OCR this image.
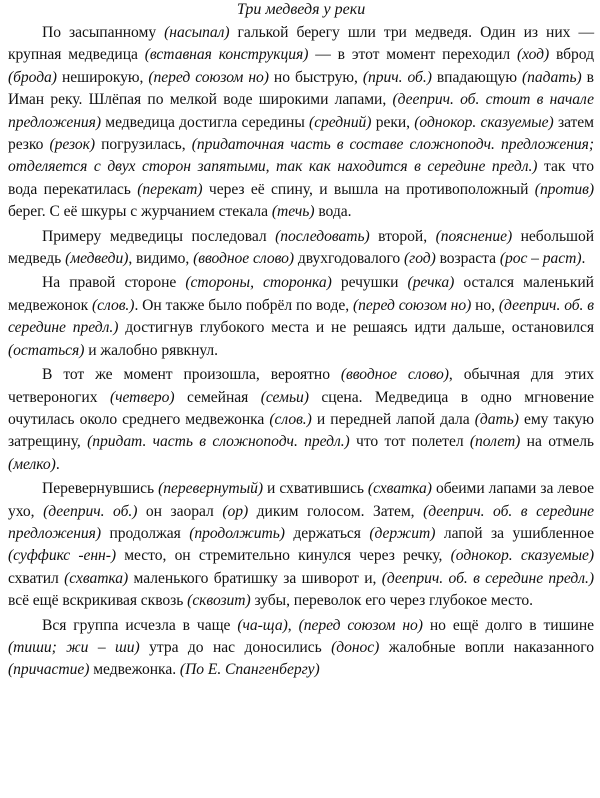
Три медведя у реки

По засыпанному (насыпал) галькой берегу шли три медведя. Один из них — крупная медведица (вставная конструкция) — в этот момент переходил (ход) вброд (брода) неширокую, (перед союзом но) но быструю, (прич. об.) впадающую (падать) в Иман реку. Шлёпая по мелкой воде широкими лапами, (дееприч. об. стоит в начале предложения) медведица достигла середины (средний) реки, (однокор. сказуемые) затем резко (резок) погрузилась, (придаточная часть в составе сложноподч. предложения; отделяется с двух сторон запятыми, так как находится в середине предл.) так что вода перекатилась (перекат) через её спину, и вышла на противоположный (против) берег. С её шкуры с журчанием стекала (течь) вода.

Примеру медведицы последовал (последовать) второй, (пояснение) небольшой медведь (медведи), видимо, (вводное слово) двухгодовалого (год) возраста (рос – раст).

На правой стороне (стороны, сторонка) речушки (речка) остался маленький медвежонок (слов.). Он также было побрёл по воде, (перед союзом но) но, (дееприч. об. в середине предл.) достигнув глубокого места и не решаясь идти дальше, остановился (остаться) и жалобно рявкнул.

В тот же момент произошла, вероятно (вводное слово), обычная для этих четвероногих (четверо) семейная (семьи) сцена. Медведица в одно мгновение очутилась около среднего медвежонка (слов.) и передней лапой дала (дать) ему такую затрещину, (придат. часть в сложноподч. предл.) что тот полетел (полет) на отмель (мелко).

Перевернувшись (перевернутый) и схватившись (схватка) обеими лапами за левое ухо, (дееприч. об.) он заорал (ор) диким голосом. Затем, (дееприч. об. в середине предложения) продолжая (продолжить) держаться (держит) лапой за ушибленное (суффикс -енн-) место, он стремительно кинулся через речку, (однокор. сказуемые) схватил (схватка) маленького братишку за шиворот и, (дееприч. об. в середине предл.) всё ещё вскрикивая сквозь (сквозит) зубы, переволок его через глубокое место.

Вся группа исчезла в чаще (ча-ща), (перед союзом но) но ещё долго в тишине (тиши; жи – ши) утра до нас доносились (донос) жалобные вопли наказанного (причастие) медвежонка. (По Е. Спангенбергу)
